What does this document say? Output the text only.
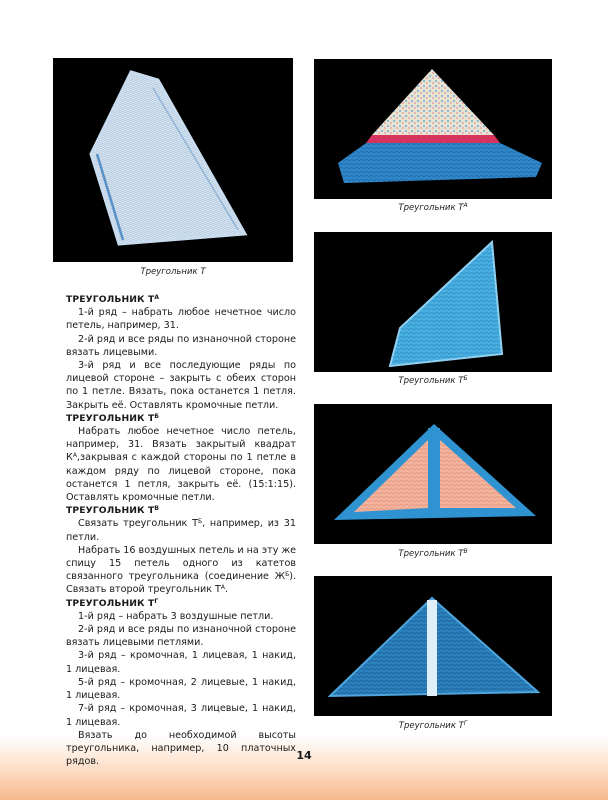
Треугольник Т
Треугольник $Т^А$
Треугольник $Т^Б$
Треугольник $Т^В$
Треугольник $Т^Г$
ТРЕУГОЛЬНИК $Т^А$

1-й ряд – набрать любое нечетное число петель, например, 31.

2-й ряд и все ряды по изнаночной стороне вязать лицевыми.

3-й ряд и все последующие ряды по лицевой стороне – закрыть с обеих сторон по 1 петле. Вязать, пока останется 1 петля. Закрыть её. Оставлять кромочные петли.

ТРЕУГОЛЬНИК $Т^Б$

Набрать любое нечетное число петель, например, 31. Вязать закрытый квадрат $К^А,закрывая$ с каждой стороны по 1 петле в каждом ряду по лицевой стороне, пока останется 1 петля, закрыть её. (15:1:15). Оставлять кромочные петли.

ТРЕУГОЛЬНИК $Т^В$

Связать треугольник $Т^Б$, например, из 31 петли.

Набрать 16 воздушных петель и на эту же спицу 15 петель одного из катетов связанного треугольника (соединение $Ж^Б$). Связать второй треугольник $Т^А$.

ТРЕУГОЛЬНИК $Т^Г$

1-й ряд – набрать 3 воздушные петли.

2-й ряд и все ряды по изнаночной стороне вязать лицевыми петлями.

3-й ряд – кромочная, 1 лицевая, 1 накид, 1 лицевая.

5-й ряд – кромочная, 2 лицевые, 1 накид, 1 лицевая.

7-й ряд – кромочная, 3 лицевые, 1 накид, 1 лицевая.

Вязать до необходимой высоты треугольника, например, 10 платочных рядов.	14
